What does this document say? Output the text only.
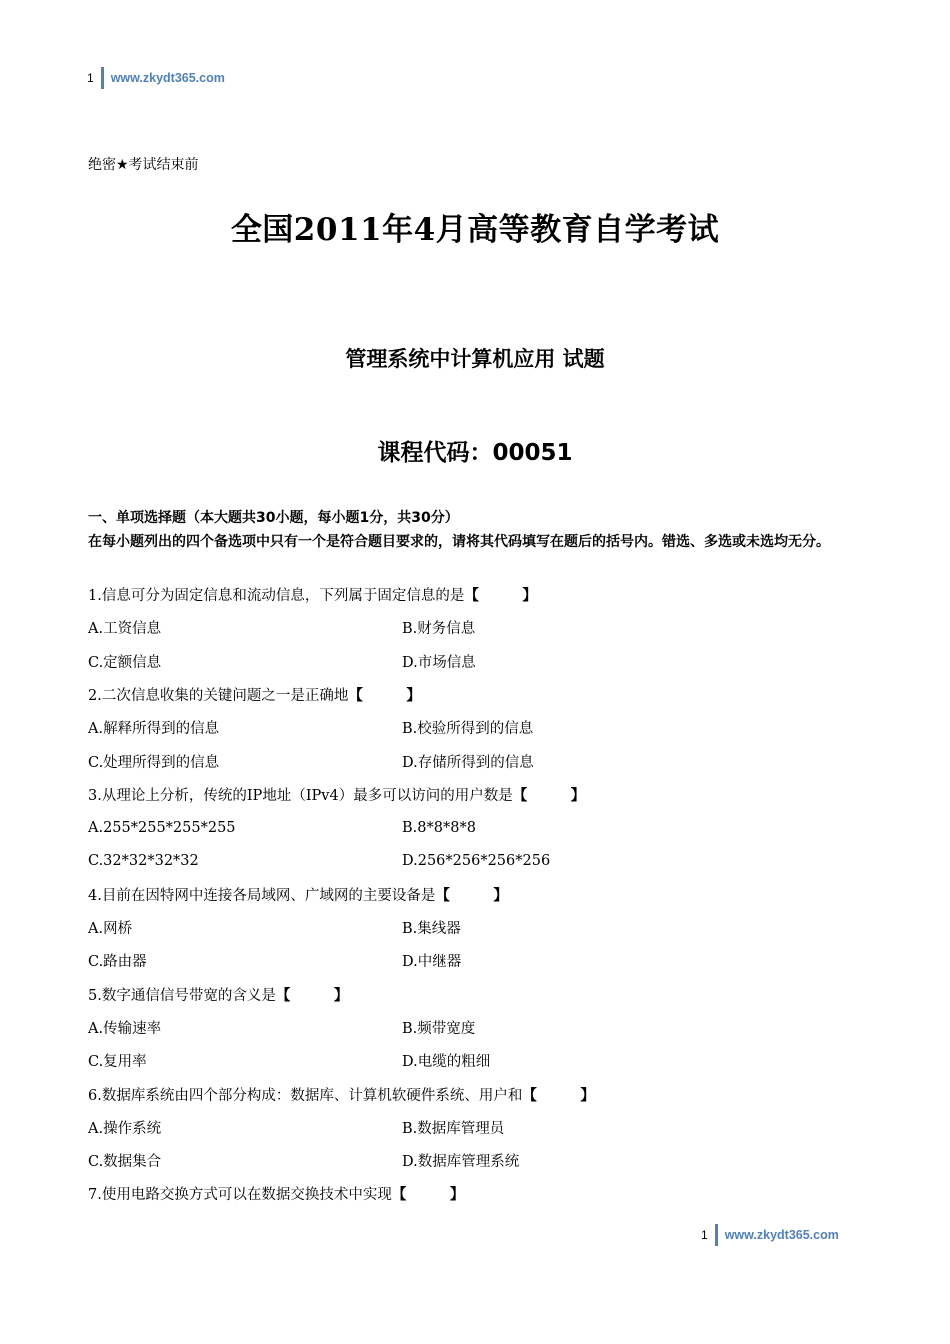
1 www.zkydt365.com
绝密★考试结束前
全国2011年4月高等教育自学考试
管理系统中计算机应用 试题
课程代码：00051
一、单项选择题（本大题共30小题，每小题1分，共30分）
在每小题列出的四个备选项中只有一个是符合题目要求的，请将其代码填写在题后的括号内。错选、多选或未选均无分。
1.信息可分为固定信息和流动信息，下列属于固定信息的是 【　　　】
A.工资信息	B.财务信息
C.定额信息	D.市场信息
2.二次信息收集的关键问题之一是正确地 【　　　】
A.解释所得到的信息	B.校验所得到的信息
C.处理所得到的信息	D.存储所得到的信息
3.从理论上分析，传统的IP地址（IPv4）最多可以访问的用户数是 【　　　】
A.255*255*255*255	B.8*8*8*8
C.32*32*32*32	D.256*256*256*256
4.目前在因特网中连接各局域网、广域网的主要设备是 【　　　】
A.网桥	B.集线器
C.路由器	D.中继器
5.数字通信信号带宽的含义是 【　　　】
A.传输速率	B.频带宽度
C.复用率	D.电缆的粗细
6.数据库系统由四个部分构成：数据库、计算机软硬件系统、用户和 【　　　】
A.操作系统	B.数据库管理员
C.数据集合	D.数据库管理系统
7.使用电路交换方式可以在数据交换技术中实现 【　　　】
1 www.zkydt365.com
